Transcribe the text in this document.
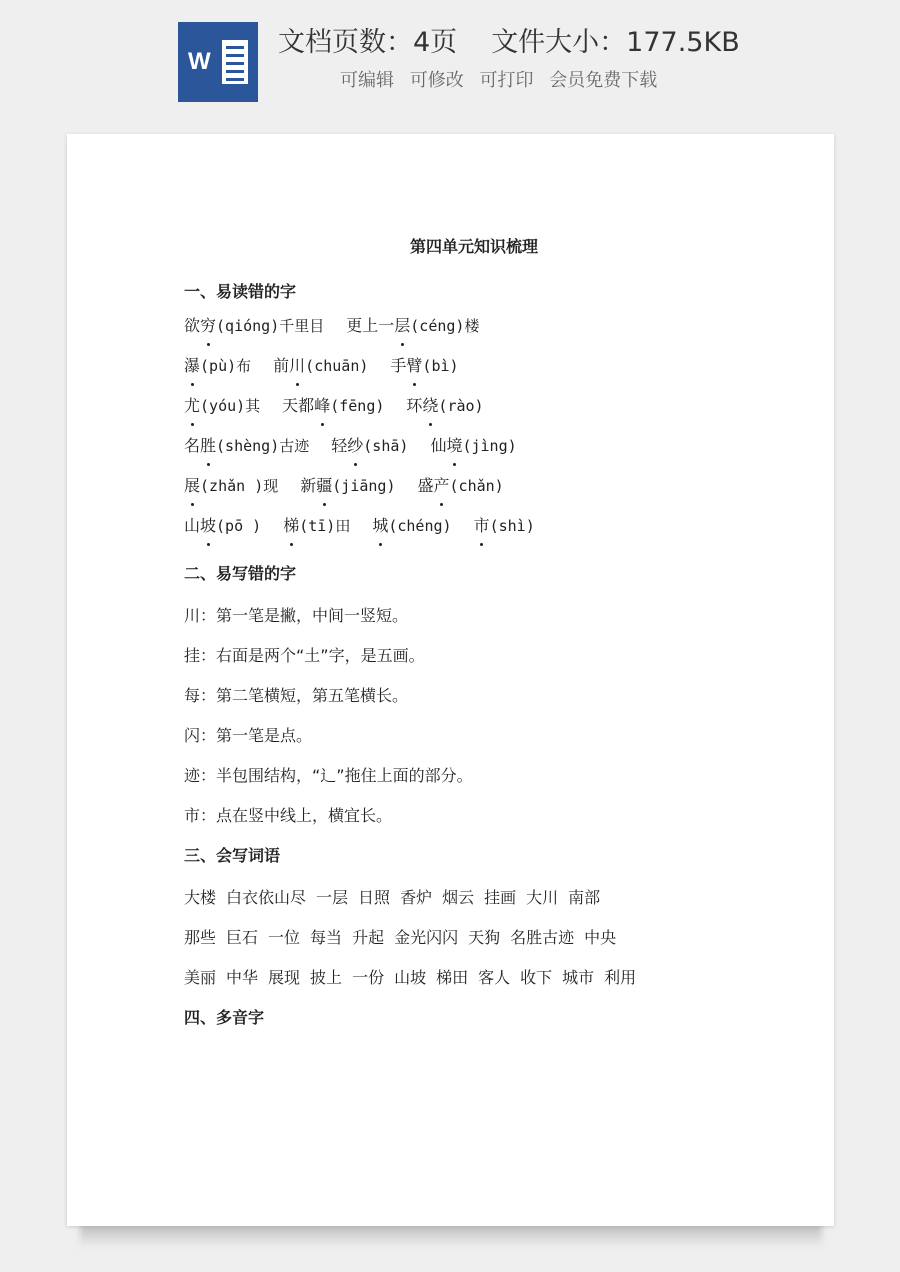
W
文档页数：4页 文件大小：177.5KB
可编辑 可修改 可打印 会员免费下载
第四单元知识梳理
一、易读错的字
欲穷(qióng)千里目 更上一层(céng)楼
瀑(pù)布 前川(chuān) 手臂(bì)
尤(yóu)其 天都峰(fēng) 环绕(rào)
名胜(shèng)古迹 轻纱(shā) 仙境(jìng)
展(zhǎn )现 新疆(jiāng) 盛产(chǎn)
山坡(pō ) 梯(tī)田 城(chéng) 市(shì)
二、易写错的字
川：第一笔是撇，中间一竖短。
挂：右面是两个“土”字，是五画。
每：第二笔横短，第五笔横长。
闪：第一笔是点。
迹：半包围结构，“辶”拖住上面的部分。
市：点在竖中线上，横宜长。
三、会写词语
大楼 白衣依山尽 一层 日照 香炉 烟云 挂画 大川 南部
那些 巨石 一位 每当 升起 金光闪闪 天狗 名胜古迹 中央
美丽 中华 展现 披上 一份 山坡 梯田 客人 收下 城市 利用
四、多音字
